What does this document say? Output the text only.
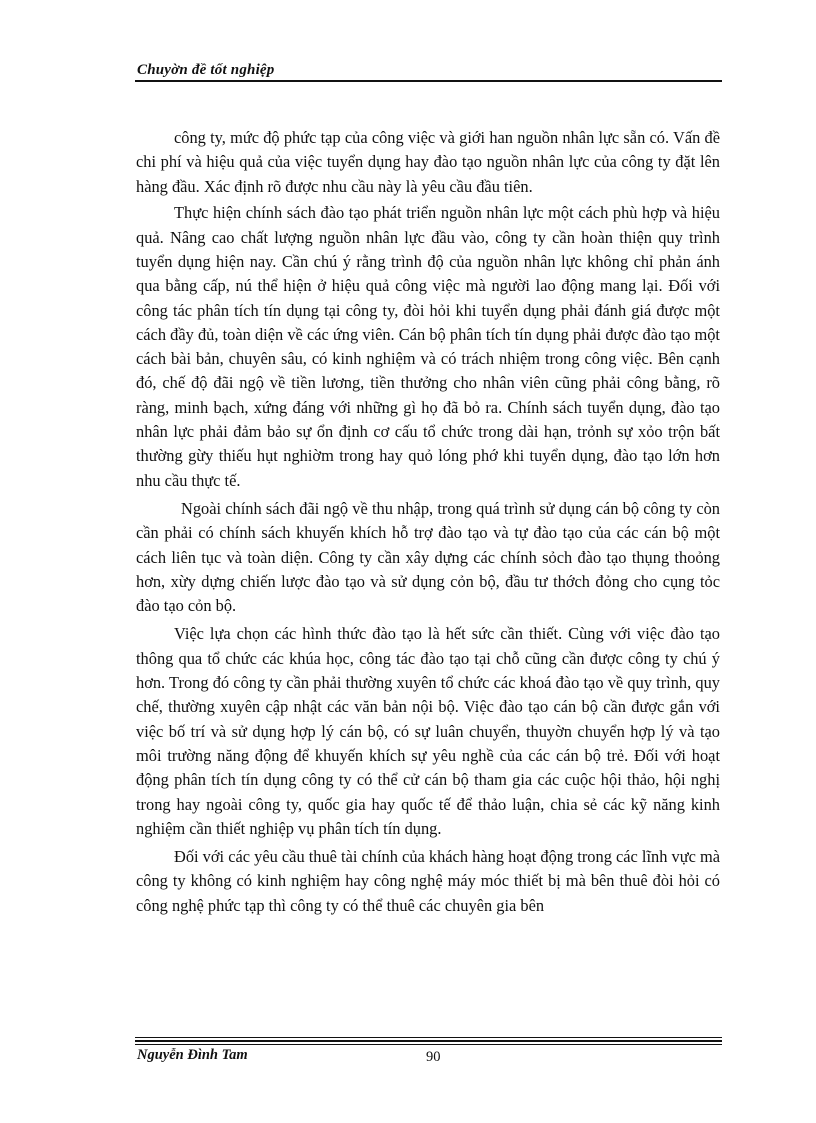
Chuyờn đề tốt nghiệp

công ty, mức độ phức tạp của công việc và giới han nguồn nhân lực sẵn có. Vấn đề chi phí và hiệu quả của việc tuyển dụng hay đào tạo nguồn nhân lực của công ty đặt lên hàng đầu. Xác định rõ được nhu cầu này là yêu cầu đầu tiên.

Thực hiện chính sách đào tạo phát triển nguồn nhân lực một cách phù hợp và hiệu quả. Nâng cao chất lượng nguồn nhân lực đầu vào, công ty cần hoàn thiện quy trình tuyển dụng hiện nay. Cần chú ý rằng trình độ của nguồn nhân lực không chỉ phản ánh qua bằng cấp, nú thể hiện ở hiệu quả công việc mà người lao động mang lại. Đối với công tác phân tích tín dụng tại công ty, đòi hỏi khi tuyển dụng phải đánh giá được một cách đầy đủ, toàn diện về các ứng viên. Cán bộ phân tích tín dụng phải được đào tạo một cách bài bản, chuyên sâu, có kinh nghiệm và có trách nhiệm trong công việc. Bên cạnh đó, chế độ đãi ngộ về tiền lương, tiền thưởng cho nhân viên cũng phải công bằng, rõ ràng, minh bạch, xứng đáng với những gì họ đã bỏ ra. Chính sách tuyển dụng, đào tạo nhân lực phải đảm bảo sự ổn định cơ cấu tổ chức trong dài hạn, trỏnh sự xỏo trộn bất thường gừy thiếu hụt nghiờm trong hay quỏ lóng phớ khi tuyển dụng, đào tạo lớn hơn nhu cầu thực tế.

Ngoài chính sách đãi ngộ về thu nhập, trong quá trình sử dụng cán bộ công ty còn cần phải có chính sách khuyến khích hỗ trợ đào tạo và tự đào tạo của các cán bộ một cách liên tục và toàn diện. Công ty cần xây dựng các chính sỏch đào tạo thụng thoỏng hơn, xừy dựng chiến lược đào tạo và sử dụng cỏn bộ, đầu tư thớch đỏng cho cụng tỏc đào tạo cỏn bộ.

Việc lựa chọn các hình thức đào tạo là hết sức cần thiết. Cùng với việc đào tạo thông qua tổ chức các khúa học, công tác đào tạo tại chỗ cũng cần được công ty chú ý hơn. Trong đó công ty cần phải thường xuyên tổ chức các khoá đào tạo về quy trình, quy chế, thường xuyên cập nhật các văn bản nội bộ. Việc đào tạo cán bộ cần được gắn với việc bố trí và sử dụng hợp lý cán bộ, có sự luân chuyển, thuyờn chuyển hợp lý và tạo môi trường năng động để khuyến khích sự yêu nghề của các cán bộ trẻ. Đối với hoạt động phân tích tín dụng công ty có thể cử cán bộ tham gia các cuộc hội thảo, hội nghị trong hay ngoài công ty, quốc gia hay quốc tế để thảo luận, chia sẻ các kỹ năng kinh nghiệm cần thiết nghiệp vụ phân tích tín dụng.

Đối với các yêu cầu thuê tài chính của khách hàng hoạt động trong các lĩnh vực mà công ty không có kinh nghiệm hay công nghệ máy móc thiết bị mà bên thuê đòi hỏi có công nghệ phức tạp thì công ty có thể thuê các chuyên gia bên

Nguyễn Đình Tam	90
